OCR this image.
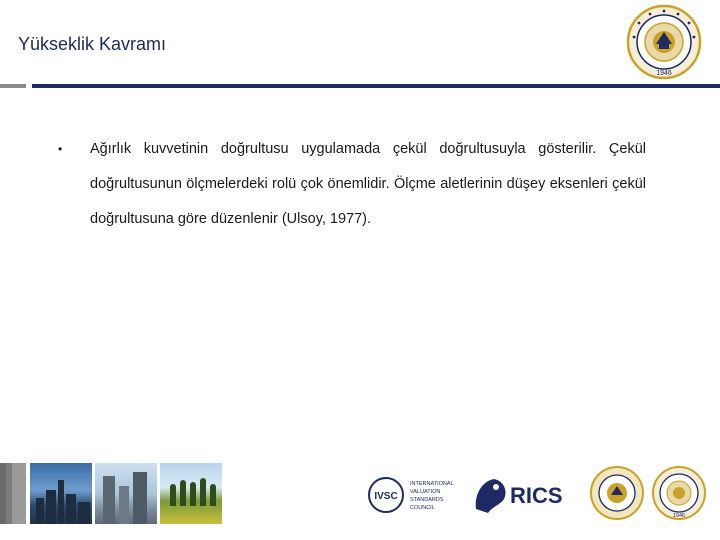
Yükseklik Kavramı
1946
• Ağırlık kuvvetinin doğrultusu uygulamada çekül doğrultusuyla gösterilir. Çekül doğrultusunun ölçmelerdeki rolü çok önemlidir. Ölçme aletlerinin düşey eksenleri çekül doğrultusuna göre düzenlenir (Ulsoy, 1977).
IVSC
INTERNATIONAL
VALUATION
STANDARDS
COUNCIL	RICS
1946
